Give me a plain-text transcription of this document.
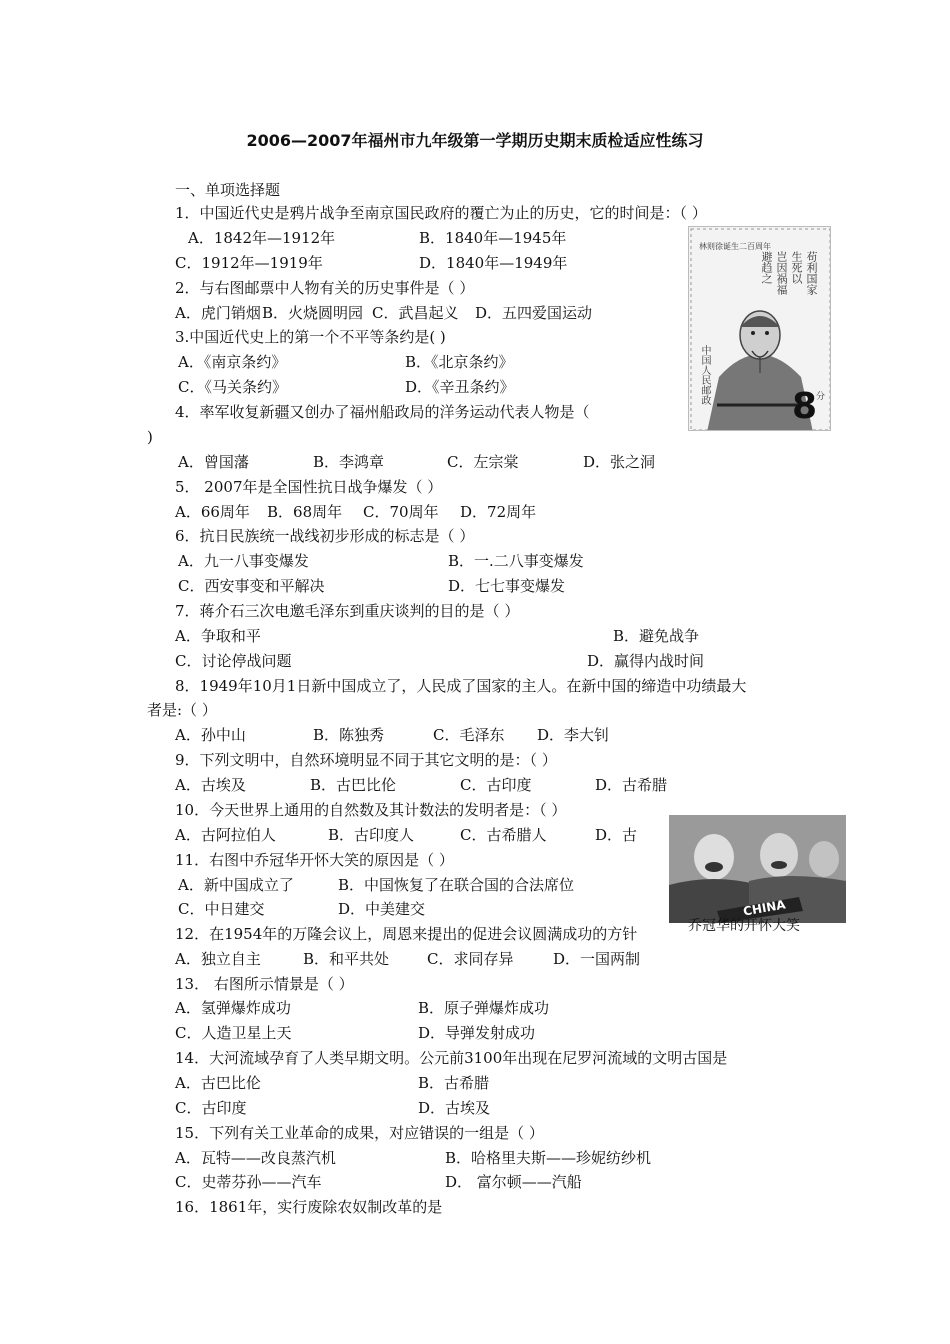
2006—2007年福州市九年级第一学期历史期末质检适应性练习
一、单项选择题
1．中国近代史是鸦片战争至南京国民政府的覆亡为止的历史，它的时间是：（ ）
A．1842年—1912年	B．1840年—1945年
C．1912年—1919年	D．1840年—1949年
2．与右图邮票中人物有关的历史事件是（ ）
A．虎门销烟 B．火烧圆明园 C．武昌起义 D．五四爱国运动
3.中国近代史上的第一个不平等条约是( )
A．《南京条约》	B．《北京条约》
C．《马关条约》	D．《辛丑条约》
4．率军收复新疆又创办了福州船政局的洋务运动代表人物是（
)
A．曾国藩	B．李鸿章	C．左宗棠	D．张之洞
5． 2007年是全国性抗日战争爆发（ ）
A．66周年 B．68周年 C．70周年 D．72周年
6．抗日民族统一战线初步形成的标志是（ ）
A．九一八事变爆发	B．一.二八事变爆发
C．西安事变和平解决	D．七七事变爆发
7．蒋介石三次电邀毛泽东到重庆谈判的目的是（ ）
A．争取和平	B．避免战争
C．讨论停战问题	D．赢得内战时间
8．1949年10月1日新中国成立了，人民成了国家的主人。在新中国的缔造中功绩最大
者是:（ ）
A．孙中山	B．陈独秀	C．毛泽东 D．李大钊
9．下列文明中，自然环境明显不同于其它文明的是：（ ）
A．古埃及	B．古巴比伦	C．古印度	D．古希腊
10．今天世界上通用的自然数及其计数法的发明者是：（ ）
A．古阿拉伯人	B．古印度人	C．古希腊人	D．古
11．右图中乔冠华开怀大笑的原因是（ ）
A．新中国成立了	B．中国恢复了在联合国的合法席位
C．中日建交	D．中美建交
12．在1954年的万隆会议上，周恩来提出的促进会议圆满成功的方针
A．独立自主	B．和平共处	C．求同存异	D．一国两制
13． 右图所示情景是（ ）
A．氢弹爆炸成功	B．原子弹爆炸成功
C．人造卫星上天	D．导弹发射成功
14．大河流域孕育了人类早期文明。公元前3100年出现在尼罗河流域的文明古国是
A．古巴比伦	B．古希腊
C．古印度	D．古埃及
15．下列有关工业革命的成果，对应错误的一组是（ ）
A．瓦特——改良蒸汽机	B．哈格里夫斯——珍妮纺纱机
C．史蒂芬孙——汽车	D． 富尔顿——汽船
16．1861年，实行废除农奴制改革的是
林则徐诞生二百周年
苟利国家
生死以
岂因祸福
避趋之
中国人民邮政
8
分
CHINA
乔冠华的开怀大笑
